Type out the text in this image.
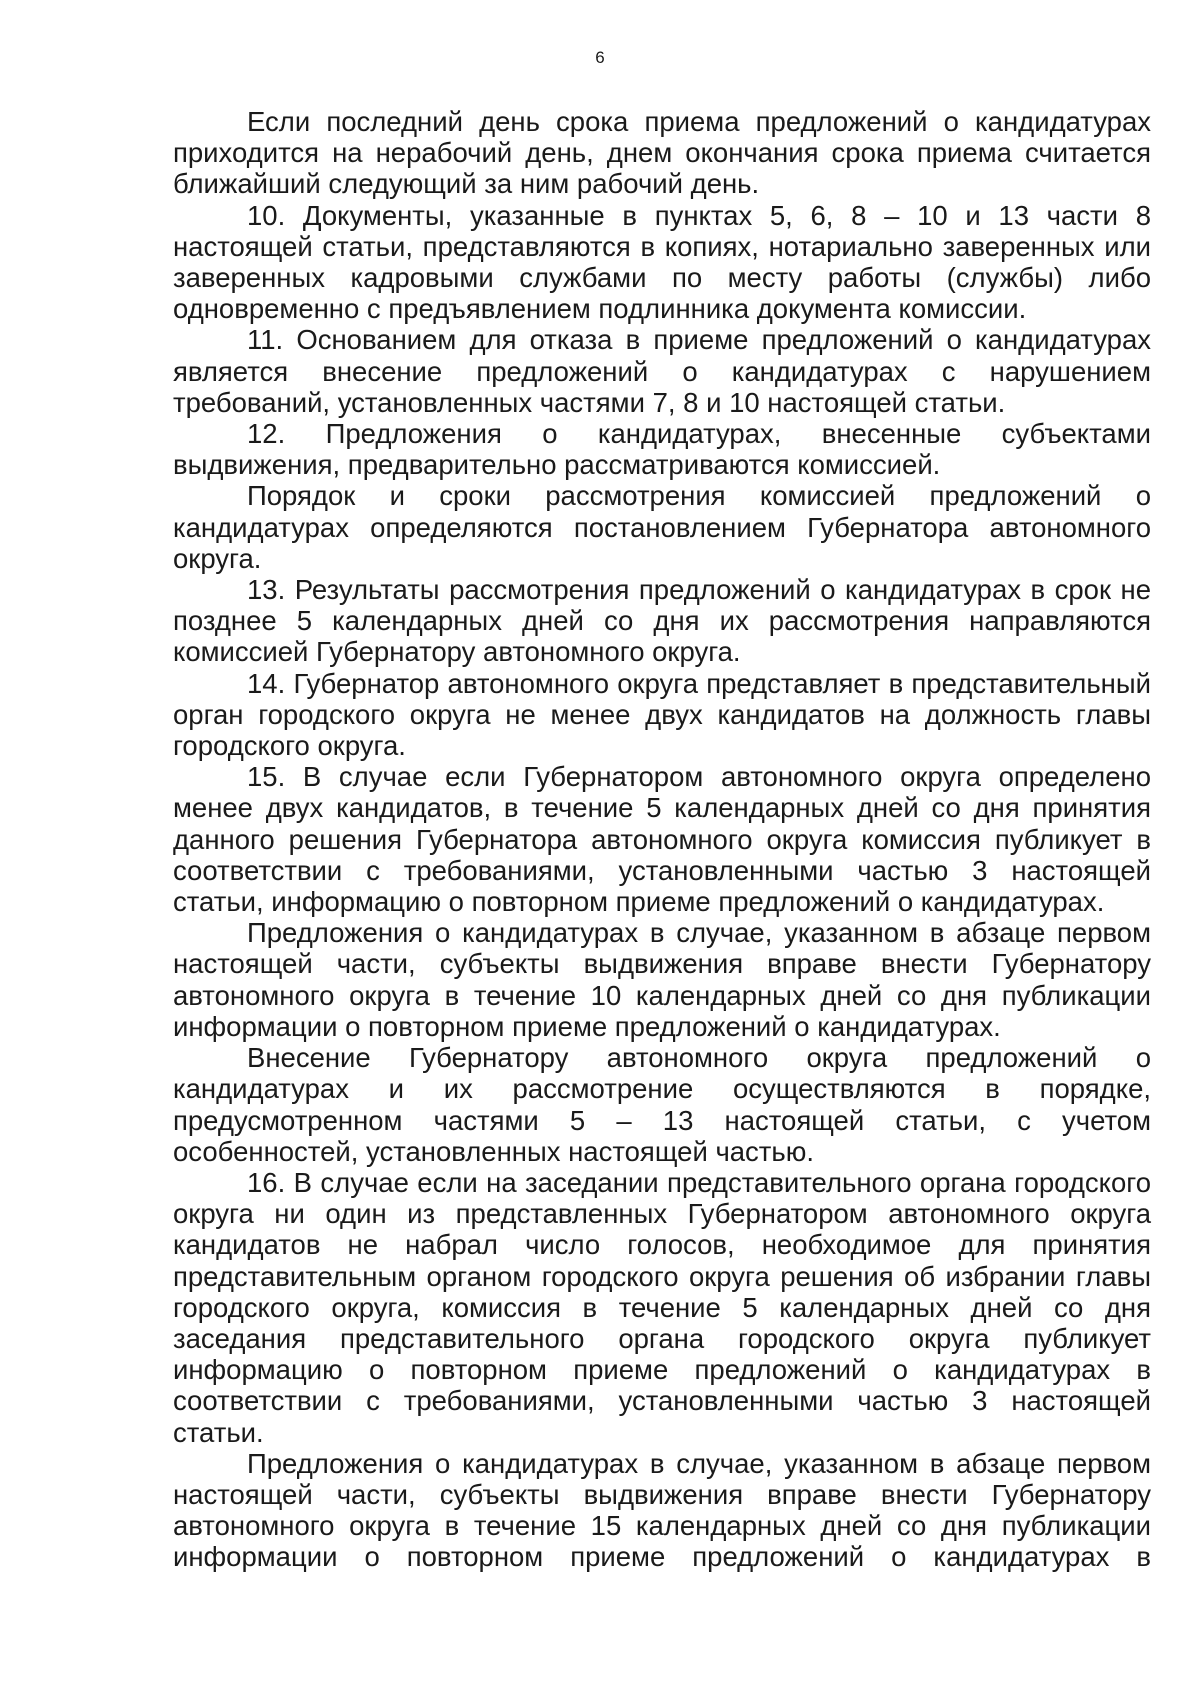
6

Если последний день срока приема предложений о кандидатурах приходится на нерабочий день, днем окончания срока приема считается ближайший следующий за ним рабочий день.

10. Документы, указанные в пунктах 5, 6, 8 – 10 и 13 части 8 настоящей статьи, представляются в копиях, нотариально заверенных или заверенных кадровыми службами по месту работы (службы) либо одновременно с предъявлением подлинника документа комиссии.

11. Основанием для отказа в приеме предложений о кандидатурах является внесение предложений о кандидатурах с нарушением требований, установленных частями 7, 8 и 10 настоящей статьи.

12. Предложения о кандидатурах, внесенные субъектами выдвижения, предварительно рассматриваются комиссией.

Порядок и сроки рассмотрения комиссией предложений о кандидатурах определяются постановлением Губернатора автономного округа.

13. Результаты рассмотрения предложений о кандидатурах в срок не позднее 5 календарных дней со дня их рассмотрения направляются комиссией Губернатору автономного округа.

14. Губернатор автономного округа представляет в представительный орган городского округа не менее двух кандидатов на должность главы городского округа.

15. В случае если Губернатором автономного округа определено менее двух кандидатов, в течение 5 календарных дней со дня принятия данного решения Губернатора автономного округа комиссия публикует в соответствии с требованиями, установленными частью 3 настоящей статьи, информацию о повторном приеме предложений о кандидатурах.

Предложения о кандидатурах в случае, указанном в абзаце первом настоящей части, субъекты выдвижения вправе внести Губернатору автономного округа в течение 10 календарных дней со дня публикации информации о повторном приеме предложений о кандидатурах.

Внесение Губернатору автономного округа предложений о кандидатурах и их рассмотрение осуществляются в порядке, предусмотренном частями 5 – 13 настоящей статьи, с учетом особенностей, установленных настоящей частью.

16. В случае если на заседании представительного органа городского округа ни один из представленных Губернатором автономного округа кандидатов не набрал число голосов, необходимое для принятия представительным органом городского округа решения об избрании главы городского округа, комиссия в течение 5 календарных дней со дня заседания представительного органа городского округа публикует информацию о повторном приеме предложений о кандидатурах в соответствии с требованиями, установленными частью 3 настоящей статьи.

Предложения о кандидатурах в случае, указанном в абзаце первом настоящей части, субъекты выдвижения вправе внести Губернатору автономного округа в течение 15 календарных дней со дня публикации информации о повторном приеме предложений о кандидатурах в
